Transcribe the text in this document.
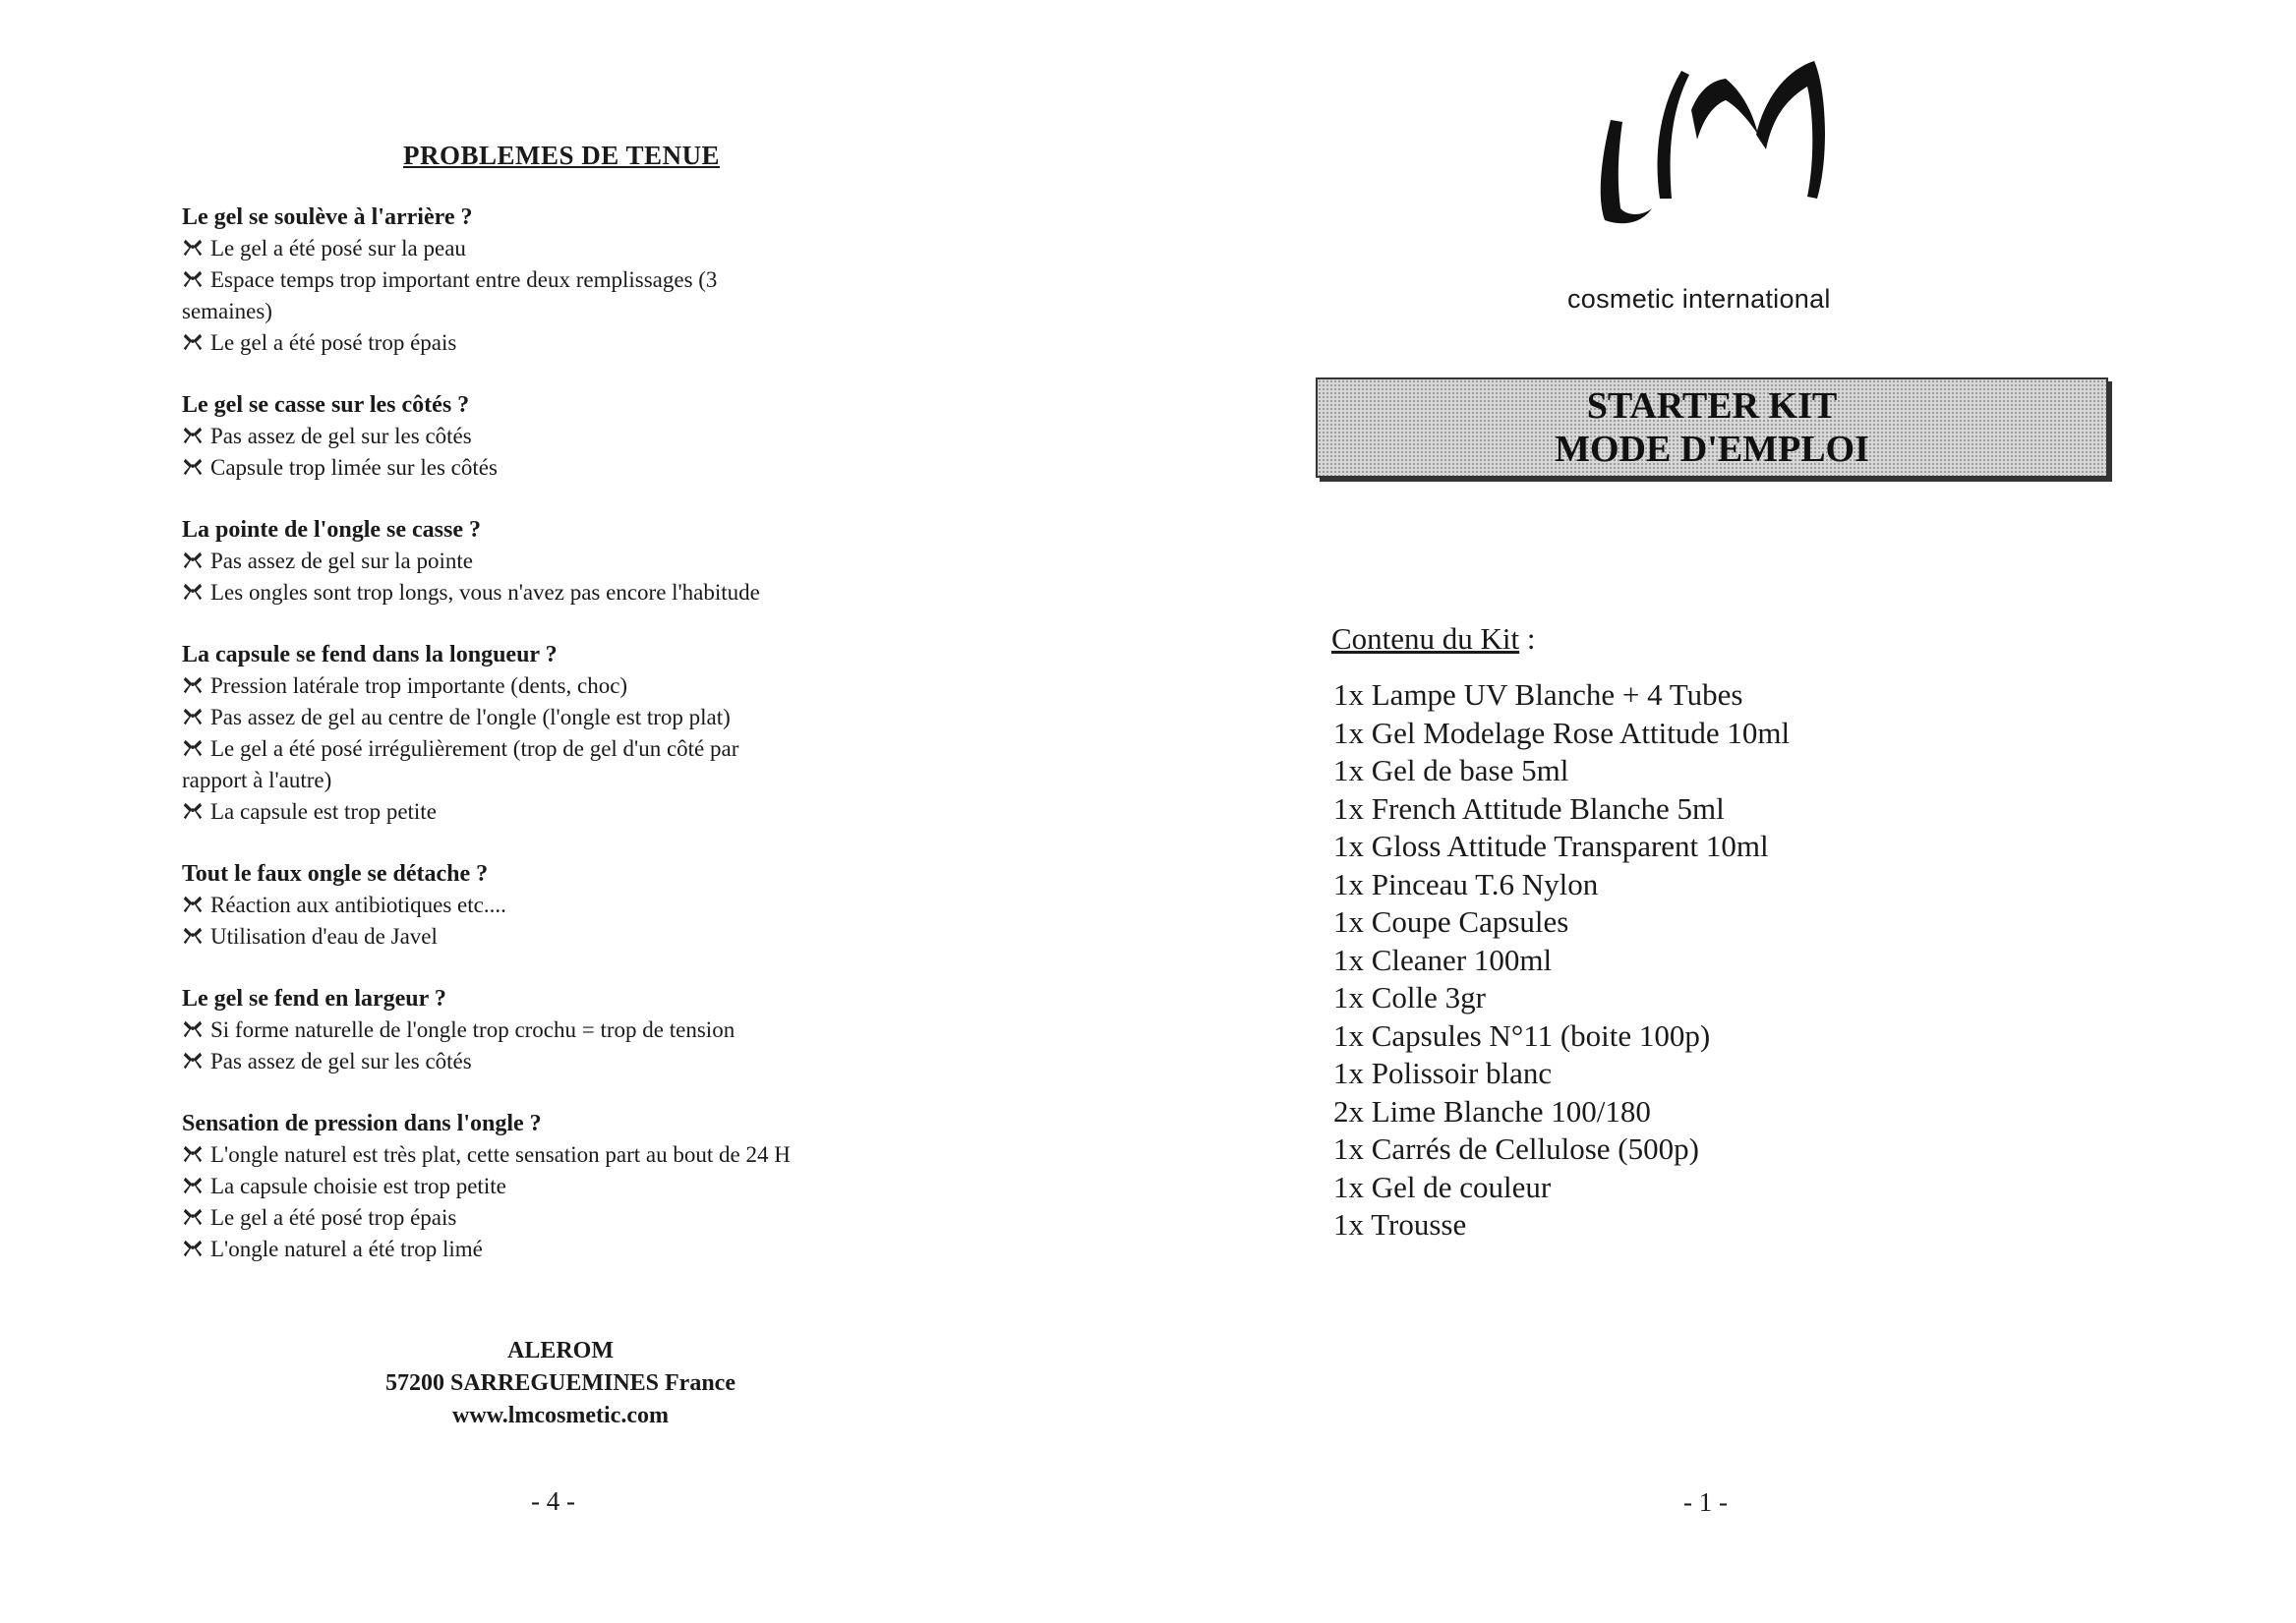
PROBLEMES DE TENUE
Le gel se soulève à l'arrière ?
Le gel a été posé sur la peau
Espace temps trop important entre deux remplissages (3
semaines)
Le gel a été posé trop épais
Le gel se casse sur les côtés ?
Pas assez de gel sur les côtés
Capsule trop limée sur les côtés
La pointe de l'ongle se casse ?
Pas assez de gel sur la pointe
Les ongles sont trop longs, vous n'avez pas encore l'habitude
La capsule se fend dans la longueur ?
Pression latérale trop importante (dents, choc)
Pas assez de gel au centre de l'ongle (l'ongle est trop plat)
Le gel a été posé irrégulièrement (trop de gel d'un côté par
rapport à l'autre)
La capsule est trop petite
Tout le faux ongle se détache ?
Réaction aux antibiotiques etc....
Utilisation d'eau de Javel
Le gel se fend en largeur ?
Si forme naturelle de l'ongle trop crochu = trop de tension
Pas assez de gel sur les côtés
Sensation de pression dans l'ongle ?
L'ongle naturel est très plat, cette sensation part au bout de 24 H
La capsule choisie est trop petite
Le gel a été posé trop épais
L'ongle naturel a été trop limé
ALEROM
57200 SARREGUEMINES France
www.lmcosmetic.com
- 4 -
cosmetic international
STARTER KIT
MODE D'EMPLOI
Contenu du Kit :
1x Lampe UV Blanche + 4 Tubes
1x Gel Modelage Rose Attitude 10ml
1x Gel de base 5ml
1x French Attitude Blanche 5ml
1x Gloss Attitude Transparent 10ml
1x Pinceau T.6 Nylon
1x Coupe Capsules
1x Cleaner 100ml
1x Colle 3gr
1x Capsules N°11 (boite 100p)
1x Polissoir blanc
2x Lime Blanche 100/180
1x Carrés de Cellulose (500p)
1x Gel de couleur
1x Trousse
- 1 -
